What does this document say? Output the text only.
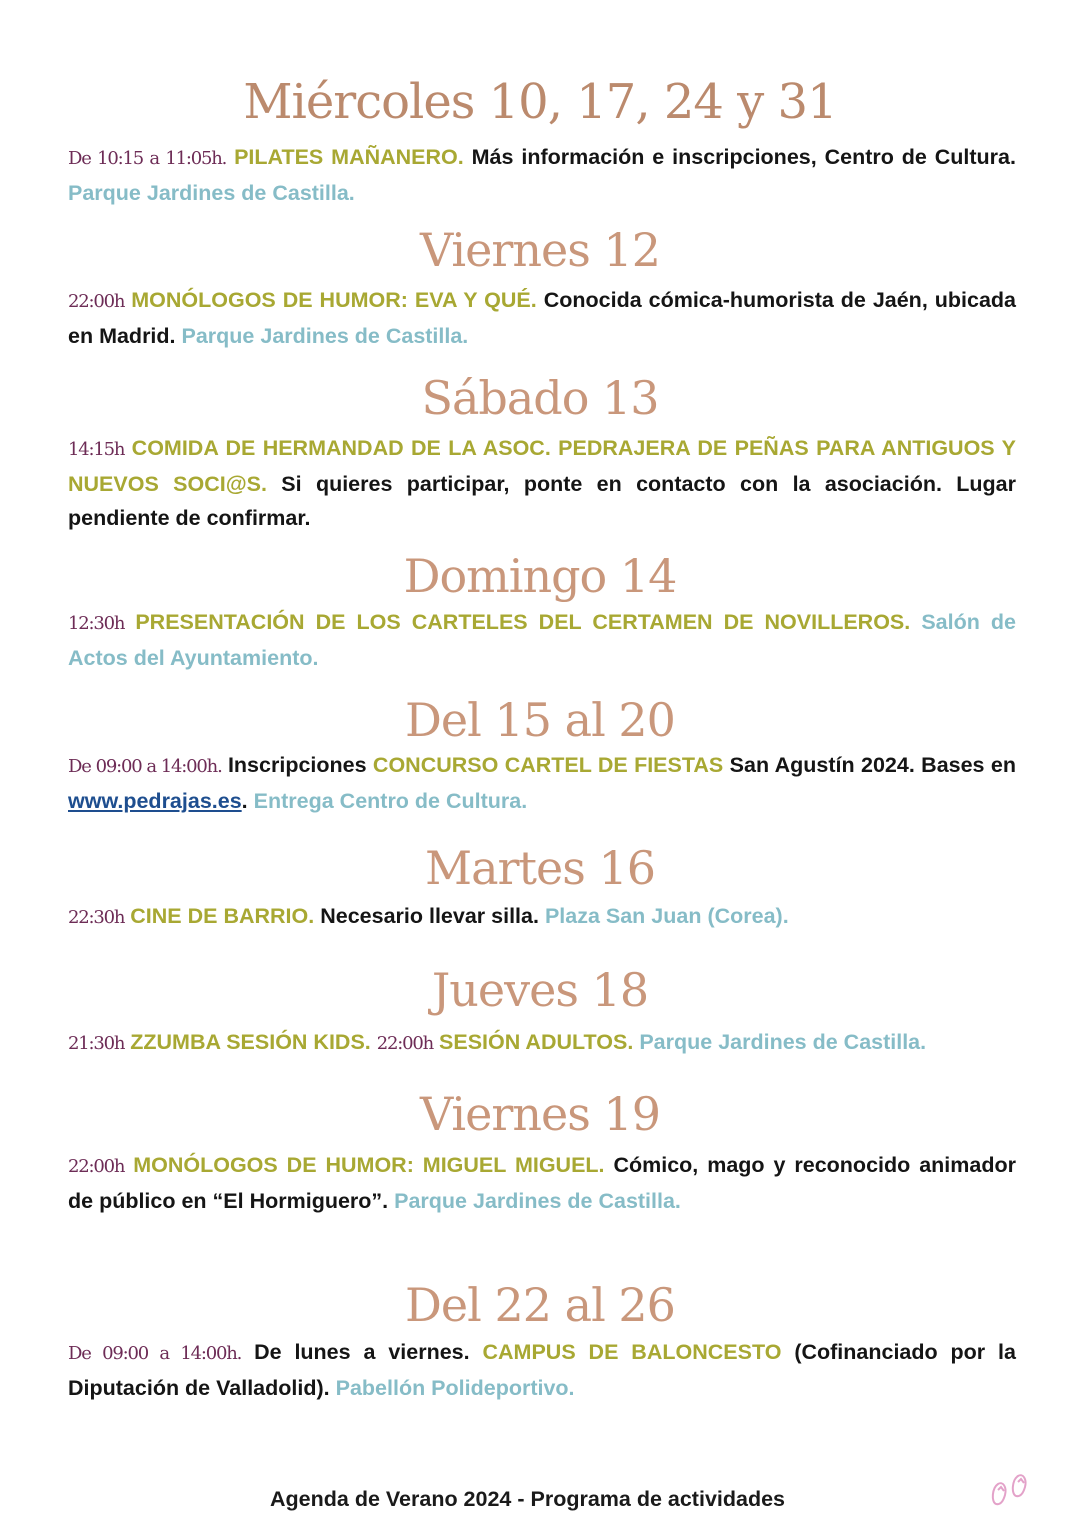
Miércoles 10, 17, 24 y 31
De 10:15 a 11:05h. PILATES MAÑANERO. Más información e inscripciones, Centro de Cultura. Parque Jardines de Castilla.
Viernes 12
22:00h MONÓLOGOS DE HUMOR: EVA Y QUÉ. Conocida cómica-humorista de Jaén, ubicada en Madrid. Parque Jardines de Castilla.
Sábado 13
14:15h COMIDA DE HERMANDAD DE LA ASOC. PEDRAJERA DE PEÑAS PARA ANTIGUOS Y NUEVOS SOCI@S. Si quieres participar, ponte en contacto con la asociación. Lugar pendiente de confirmar.
Domingo 14
12:30h PRESENTACIÓN DE LOS CARTELES DEL CERTAMEN DE NOVILLEROS. Salón de Actos del Ayuntamiento.
Del 15 al 20
De 09:00 a 14:00h. Inscripciones CONCURSO CARTEL DE FIESTAS San Agustín 2024. Bases en www.pedrajas.es. Entrega Centro de Cultura.
Martes 16
22:30h CINE DE BARRIO. Necesario llevar silla. Plaza San Juan (Corea).
Jueves 18
21:30h ZZUMBA SESIÓN KIDS. 22:00h SESIÓN ADULTOS. Parque Jardines de Castilla.
Viernes 19
22:00h MONÓLOGOS DE HUMOR: MIGUEL MIGUEL. Cómico, mago y reconocido animador de público en “El Hormiguero”. Parque Jardines de Castilla.
Del 22 al 26
De 09:00 a 14:00h. De lunes a viernes. CAMPUS DE BALONCESTO (Cofinanciado por la Diputación de Valladolid). Pabellón Polideportivo.
Agenda de Verano 2024 - Programa de actividades
